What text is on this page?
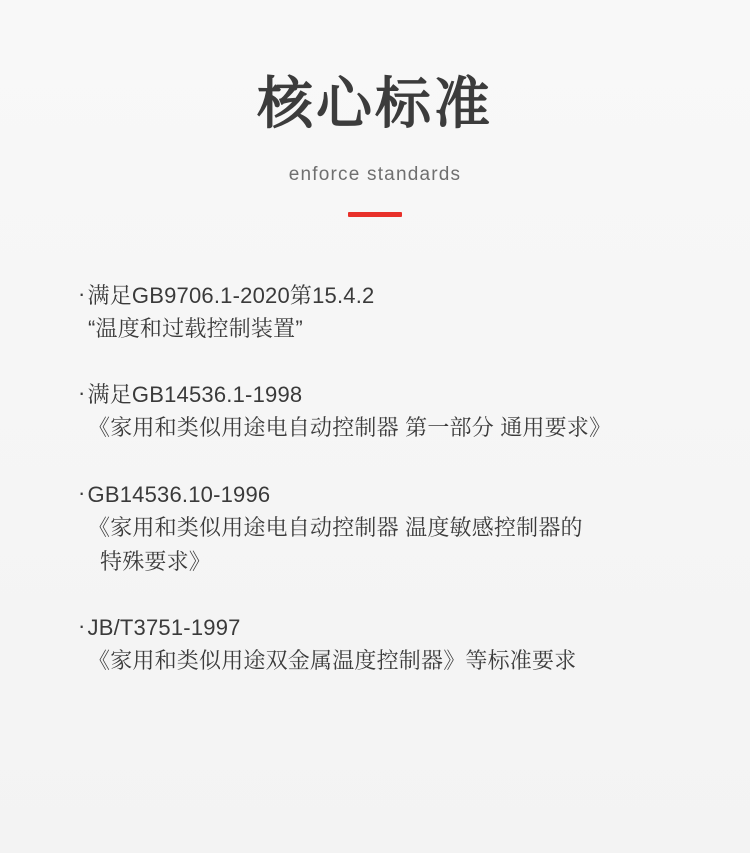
核心标准
enforce standards
·满足GB9706.1-2020第15.4.2
“温度和过载控制装置”
·满足GB14536.1-1998
《家用和类似用途电自动控制器 第一部分 通用要求》
·GB14536.10-1996
《家用和类似用途电自动控制器 温度敏感控制器的
特殊要求》
·JB/T3751-1997
《家用和类似用途双金属温度控制器》等标准要求
